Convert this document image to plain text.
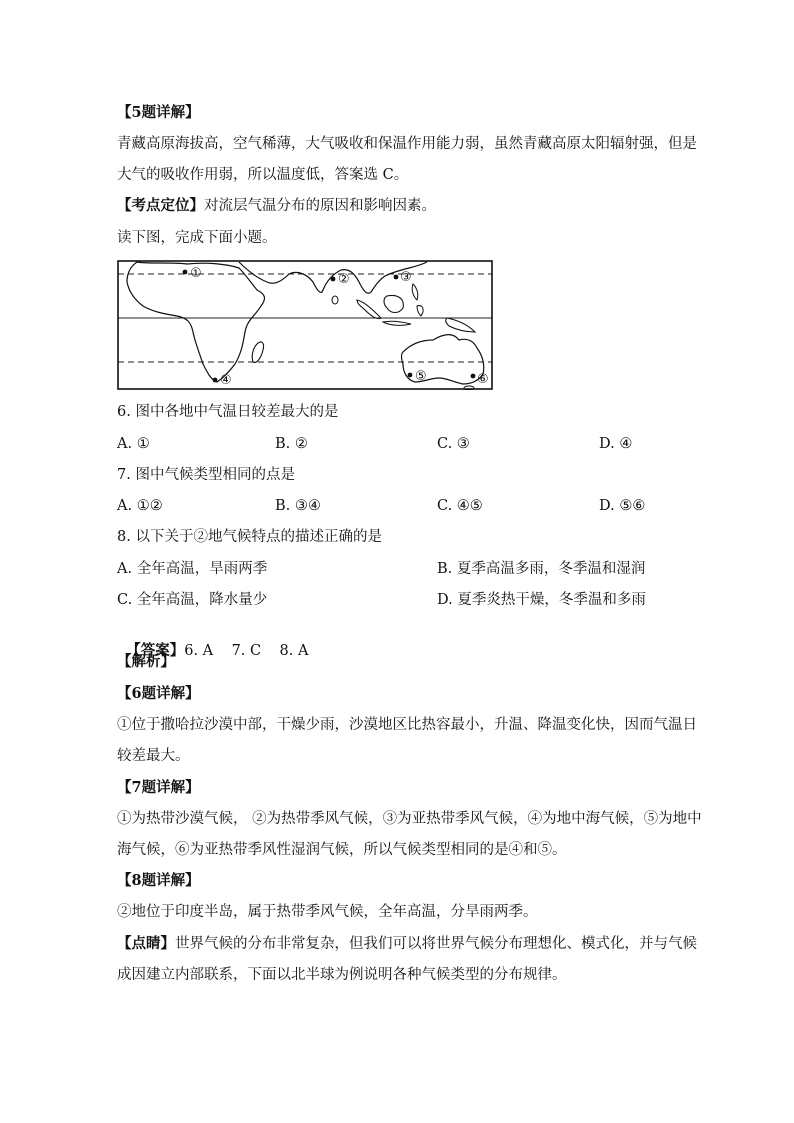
【5题详解】
青藏高原海拔高，空气稀薄，大气吸收和保温作用能力弱，虽然青藏高原太阳辐射强，但是
大气的吸收作用弱，所以温度低，答案选 C。
【考点定位】对流层气温分布的原因和影响因素。
读下图，完成下面小题。
①	②	③
④	⑤	⑥
6. 图中各地中气温日较差最大的是
A. ①	B. ②	C. ③	D. ④
7. 图中气候类型相同的点是
A. ①②	B. ③④	C. ④⑤	D. ⑤⑥
8. 以下关于②地气候特点的描述正确的是
A. 全年高温，旱雨两季	B. 夏季高温多雨，冬季温和湿润
C. 全年高温，降水量少	D. 夏季炎热干燥，冬季温和多雨

【答案】6. A    7. C    8. A

【解析】
【6题详解】
①位于撒哈拉沙漠中部，干燥少雨，沙漠地区比热容最小，升温、降温变化快，因而气温日
较差最大。
【7题详解】
①为热带沙漠气候， ②为热带季风气候，③为亚热带季风气候，④为地中海气候，⑤为地中
海气候，⑥为亚热带季风性湿润气候，所以气候类型相同的是④和⑤。
【8题详解】
②地位于印度半岛，属于热带季风气候，全年高温，分旱雨两季。
【点睛】世界气候的分布非常复杂，但我们可以将世界气候分布理想化、模式化，并与气候
成因建立内部联系，下面以北半球为例说明各种气候类型的分布规律。
